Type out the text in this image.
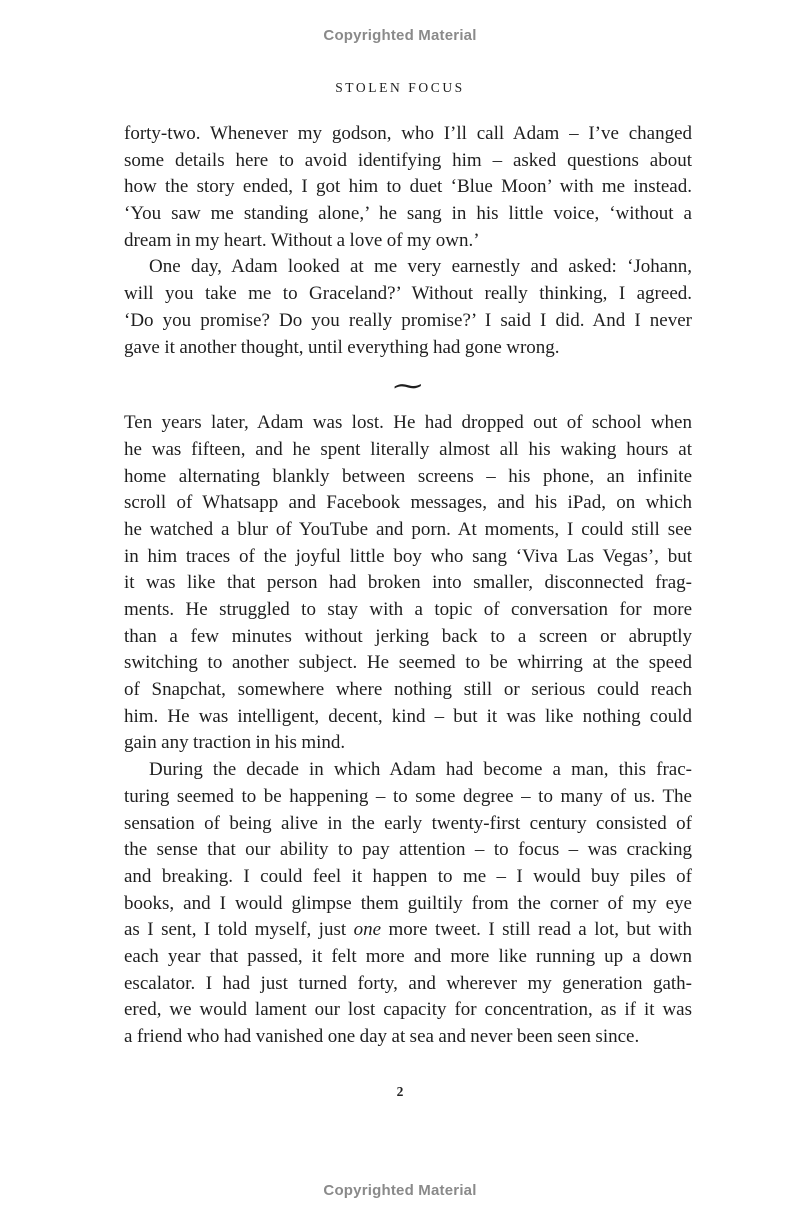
Copyrighted Material
STOLEN FOCUS
forty-two. Whenever my godson, who I’ll call Adam – I’ve changed
some details here to avoid identifying him – asked questions about
how the story ended, I got him to duet ‘Blue Moon’ with me instead.
‘You saw me standing alone,’ he sang in his little voice, ‘without a
dream in my heart. Without a love of my own.’
One day, Adam looked at me very earnestly and asked: ‘Johann,
will you take me to Graceland?’ Without really thinking, I agreed.
‘Do you promise? Do you really promise?’ I said I did. And I never
gave it another thought, until everything had gone wrong.
∼
Ten years later, Adam was lost. He had dropped out of school when
he was fifteen, and he spent literally almost all his waking hours at
home alternating blankly between screens – his phone, an infinite
scroll of Whatsapp and Facebook messages, and his iPad, on which
he watched a blur of YouTube and porn. At moments, I could still see
in him traces of the joyful little boy who sang ‘Viva Las Vegas’, but
it was like that person had broken into smaller, disconnected frag-
ments. He struggled to stay with a topic of conversation for more
than a few minutes without jerking back to a screen or abruptly
switching to another subject. He seemed to be whirring at the speed
of Snapchat, somewhere where nothing still or serious could reach
him. He was intelligent, decent, kind – but it was like nothing could
gain any traction in his mind.
During the decade in which Adam had become a man, this frac-
turing seemed to be happening – to some degree – to many of us. The
sensation of being alive in the early twenty-first century consisted of
the sense that our ability to pay attention – to focus – was cracking
and breaking. I could feel it happen to me – I would buy piles of
books, and I would glimpse them guiltily from the corner of my eye
as I sent, I told myself, just one more tweet. I still read a lot, but with
each year that passed, it felt more and more like running up a down
escalator. I had just turned forty, and wherever my generation gath-
ered, we would lament our lost capacity for concentration, as if it was
a friend who had vanished one day at sea and never been seen since.
2
Copyrighted Material
